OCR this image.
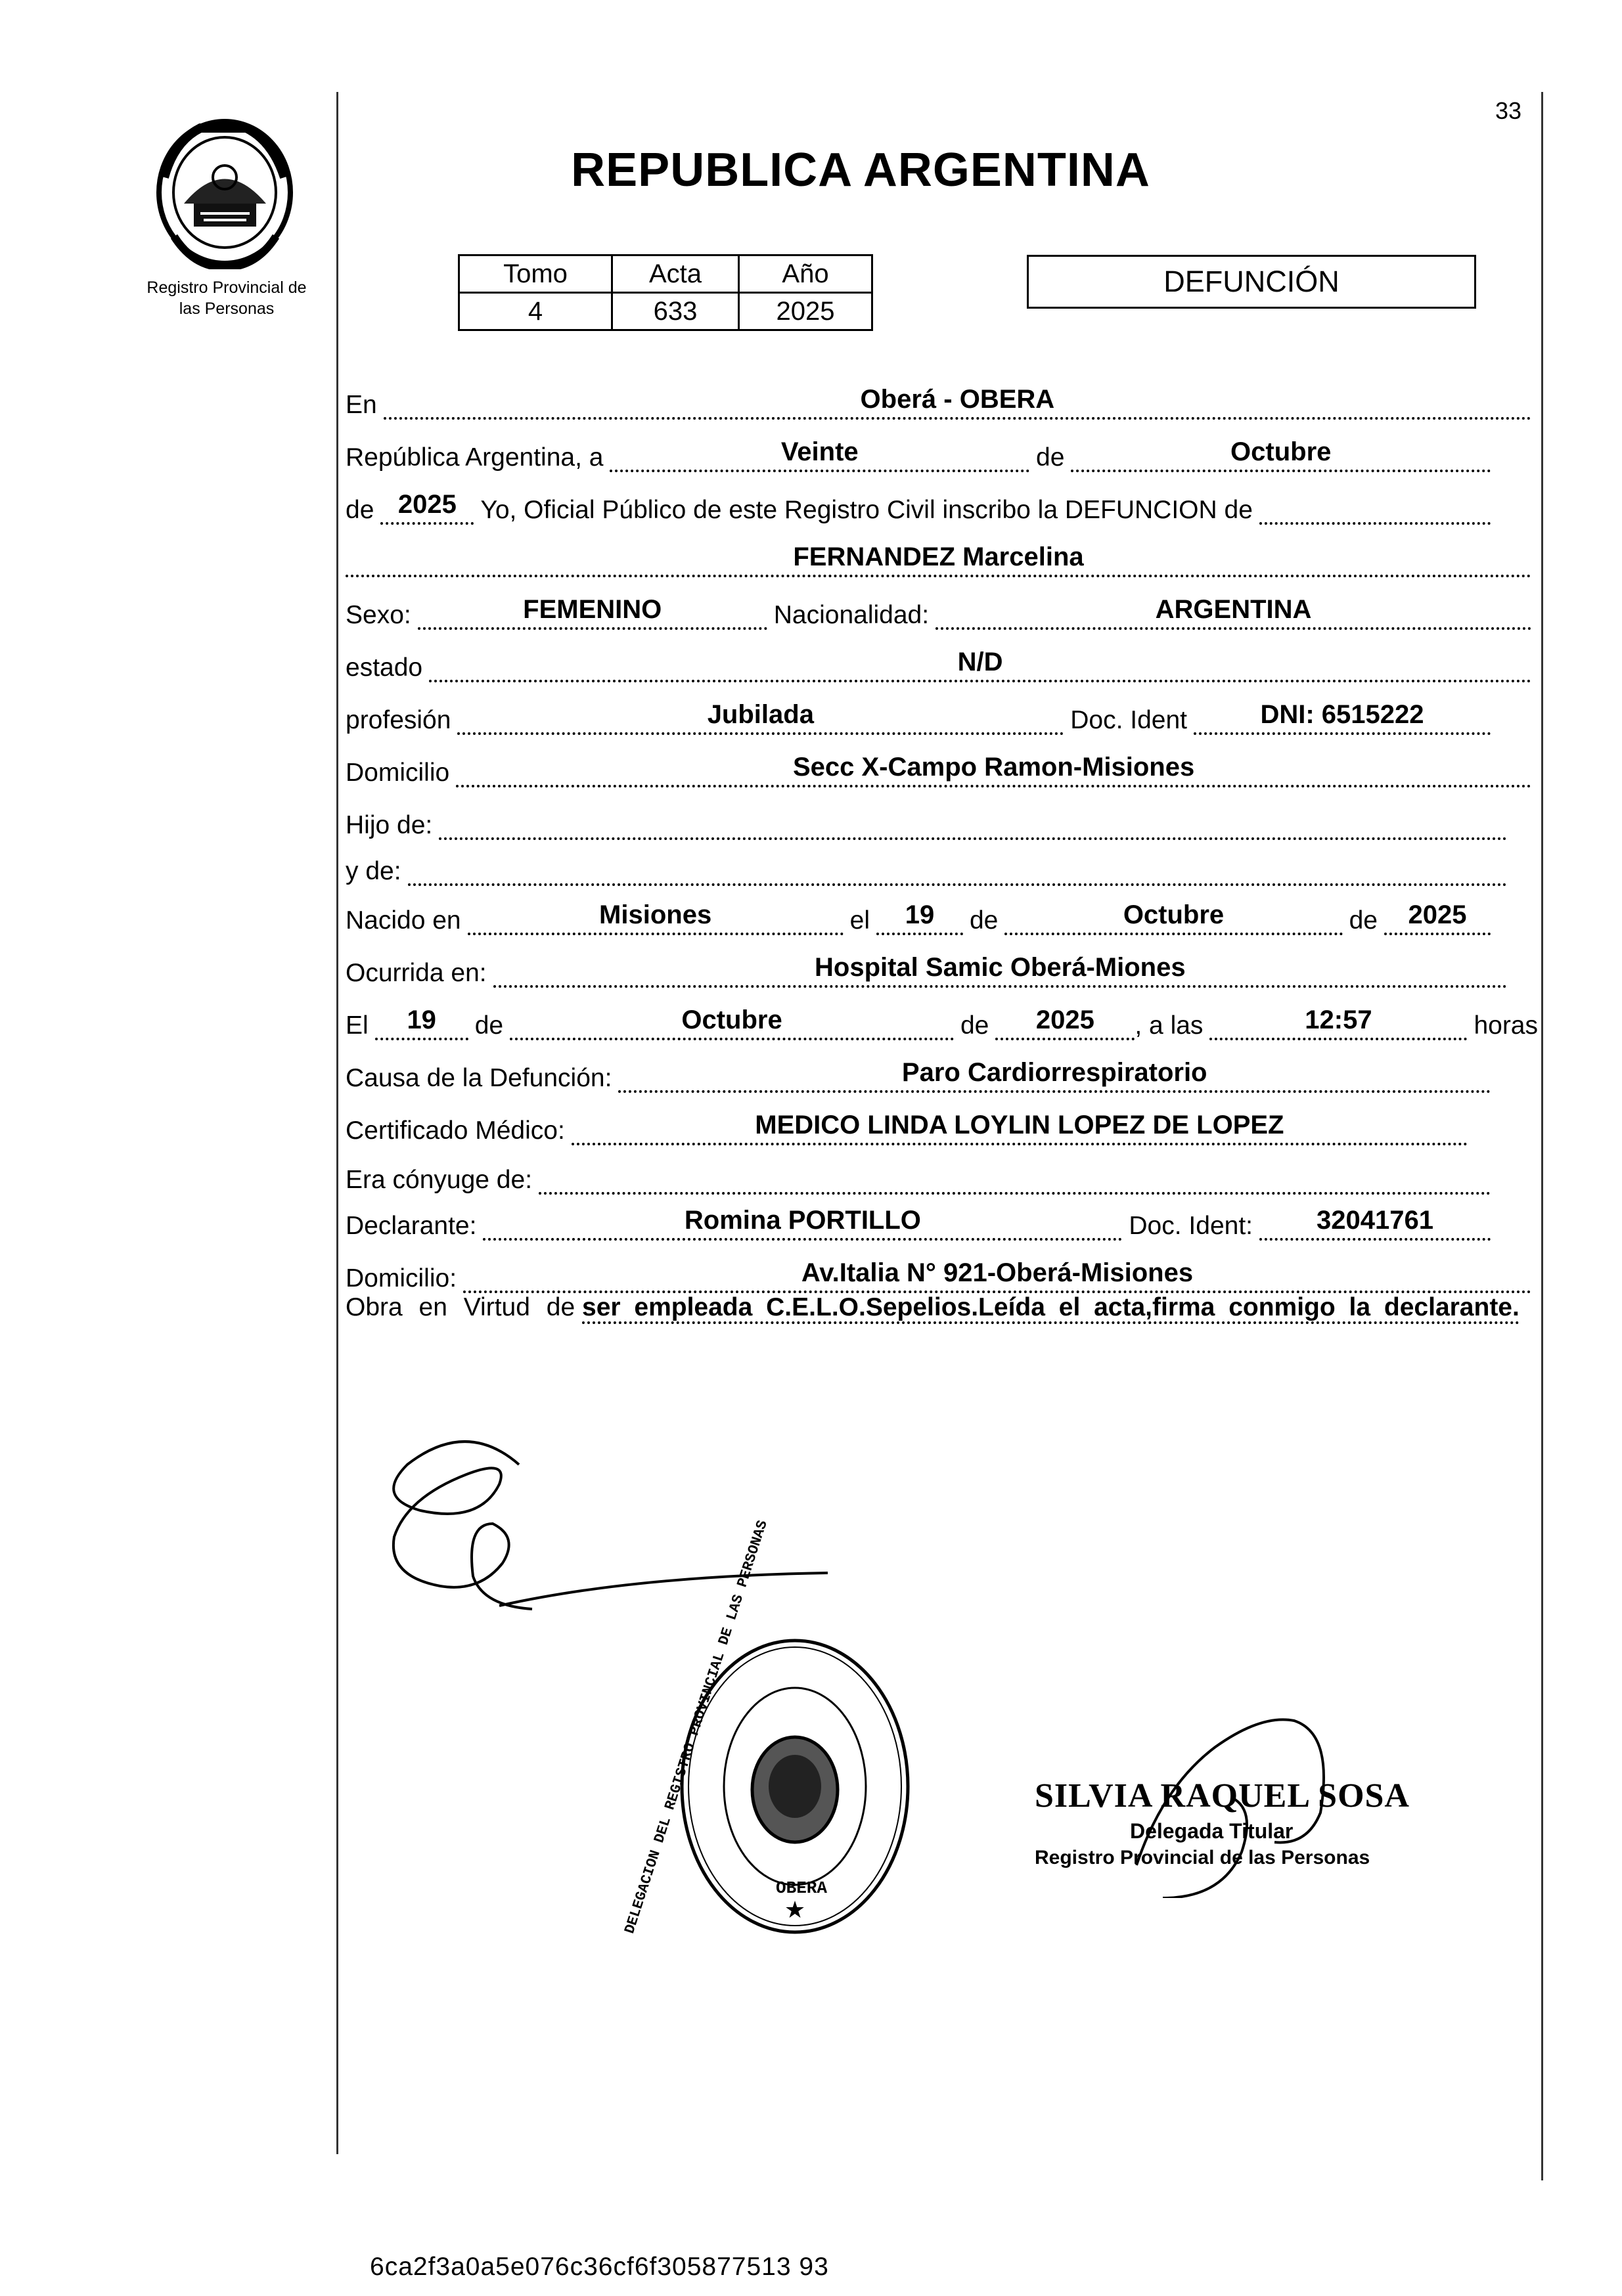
Registro Provincial de
las Personas
33
REPUBLICA ARGENTINA
Tomo	Acta	Año
4	633	2025
DEFUNCIÓN
En	Oberá - OBERA
República Argentina, a	Veinte	de	Octubre
de 2025 Yo, Oficial Público de este Registro Civil inscribo la DEFUNCION de
FERNANDEZ Marcelina
Sexo:	FEMENINO	Nacionalidad:	ARGENTINA
estado	N/D
profesión	Jubilada	Doc. Ident	DNI: 6515222
Domicilio	Secc X-Campo Ramon-Misiones
Hijo de:
y de:
Nacido en	Misiones	el	19	de	Octubre	de	2025
Ocurrida en:	Hospital Samic Oberá-Miones
El	19	de	Octubre	de	2025	, a las	12:57	horas
Causa de la Defunción:	Paro Cardiorrespiratorio
Certificado Médico:	MEDICO LINDA LOYLIN LOPEZ DE LOPEZ
Era cónyuge de:
Declarante:	Romina PORTILLO	Doc. Ident:	32041761
Domicilio:	Av.Italia N° 921-Oberá-Misiones
Obra en Virtud de ser empleada C.E.L.O.Sepelios.Leída el acta,firma conmigo la declarante.
★
DELEGACION DEL REGISTRO PROVINCIAL DE LAS PERSONAS OBERA
SILVIA RAQUEL SOSA
Delegada Titular
Registro Provincial de las Personas
6ca2f3a0a5e076c36cf6f305877513 93
